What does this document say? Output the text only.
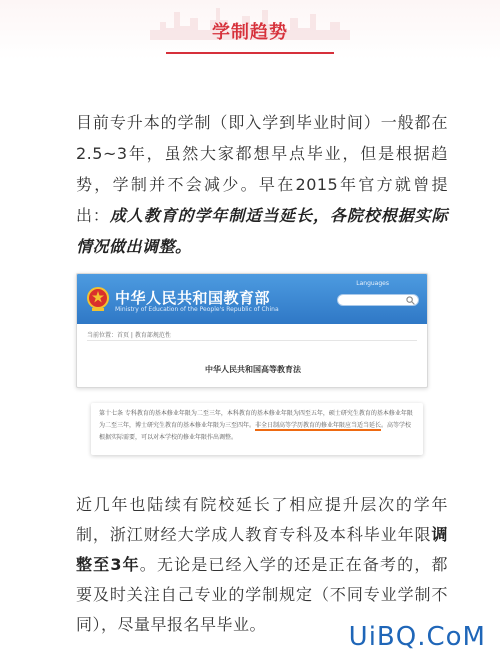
学制趋势

目前专升本的学制（即入学到毕业时间）一般都在2.5~3年，虽然大家都想早点毕业，但是根据趋势，学制并不会减少。早在2015年官方就曾提出：成人教育的学年制适当延长，各院校根据实际情况做出调整。

中华人民共和国教育部
Ministry of Education of the People's Republic of China
Languages
当前位置：首页 | 教育部规范性
中华人民共和国高等教育法
第十七条 专科教育的基本修业年限为二至三年，本科教育的基本修业年限为四至五年，硕士研究生教育的基本修业年限为二至三年，博士研究生教育的基本修业年限为三至四年。非全日制高等学历教育的修业年限应当适当延长。高等学校根据实际需要，可以对本学校的修业年限作出调整。

近几年也陆续有院校延长了相应提升层次的学年制，浙江财经大学成人教育专科及本科毕业年限调整至3年。无论是已经入学的还是正在备考的，都要及时关注自己专业的学制规定（不同专业学制不同），尽量早报名早毕业。	UiBQ.CoM
